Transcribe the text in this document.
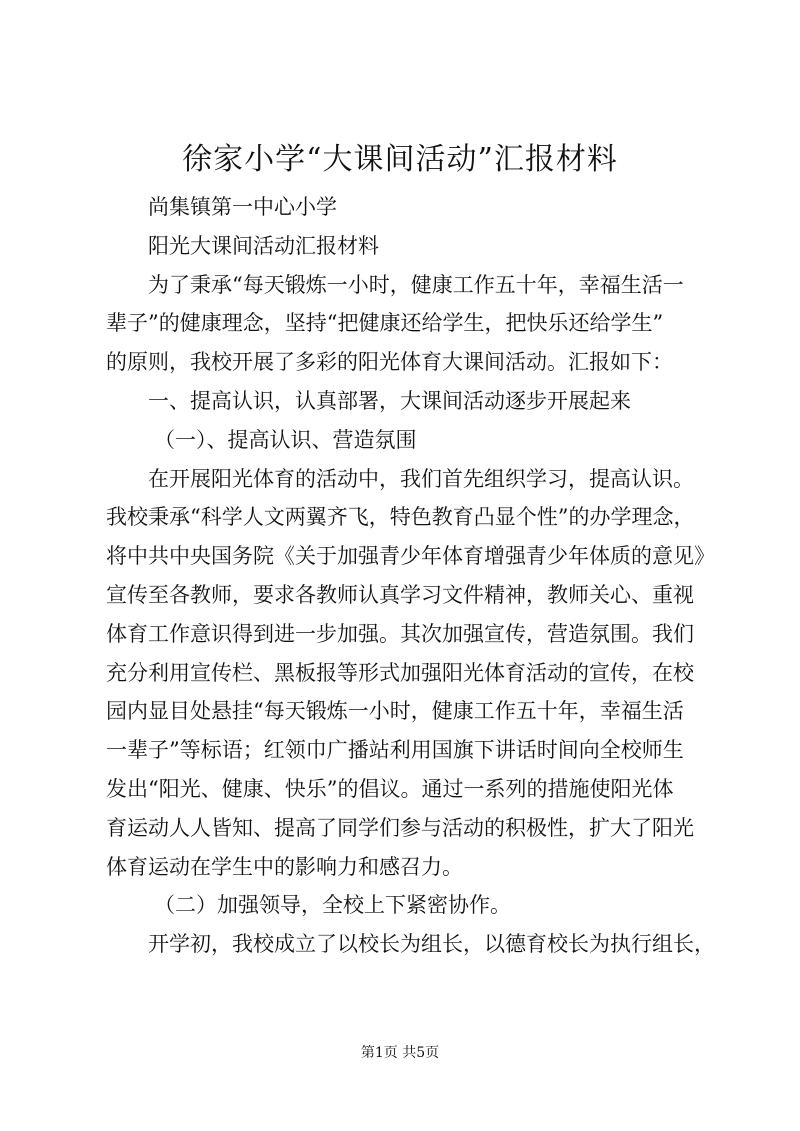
徐家小学“大课间活动”汇报材料

尚集镇第一中心小学

阳光大课间活动汇报材料

为了秉承“每天锻炼一小时，健康工作五十年，幸福生活一

辈子”的健康理念，坚持“把健康还给学生，把快乐还给学生”

的原则，我校开展了多彩的阳光体育大课间活动。汇报如下：

一、提高认识，认真部署，大课间活动逐步开展起来

（一）、提高认识、营造氛围

在开展阳光体育的活动中，我们首先组织学习，提高认识。

我校秉承“科学人文两翼齐飞，特色教育凸显个性”的办学理念，

将中共中央国务院《关于加强青少年体育增强青少年体质的意见》

宣传至各教师，要求各教师认真学习文件精神，教师关心、重视

体育工作意识得到进一步加强。其次加强宣传，营造氛围。我们

充分利用宣传栏、黑板报等形式加强阳光体育活动的宣传，在校

园内显目处悬挂“每天锻炼一小时，健康工作五十年，幸福生活

一辈子”等标语；红领巾广播站利用国旗下讲话时间向全校师生

发出“阳光、健康、快乐”的倡议。通过一系列的措施使阳光体

育运动人人皆知、提高了同学们参与活动的积极性，扩大了阳光

体育运动在学生中的影响力和感召力。

（二）加强领导，全校上下紧密协作。

开学初，我校成立了以校长为组长，以德育校长为执行组长，

第1页 共5页
